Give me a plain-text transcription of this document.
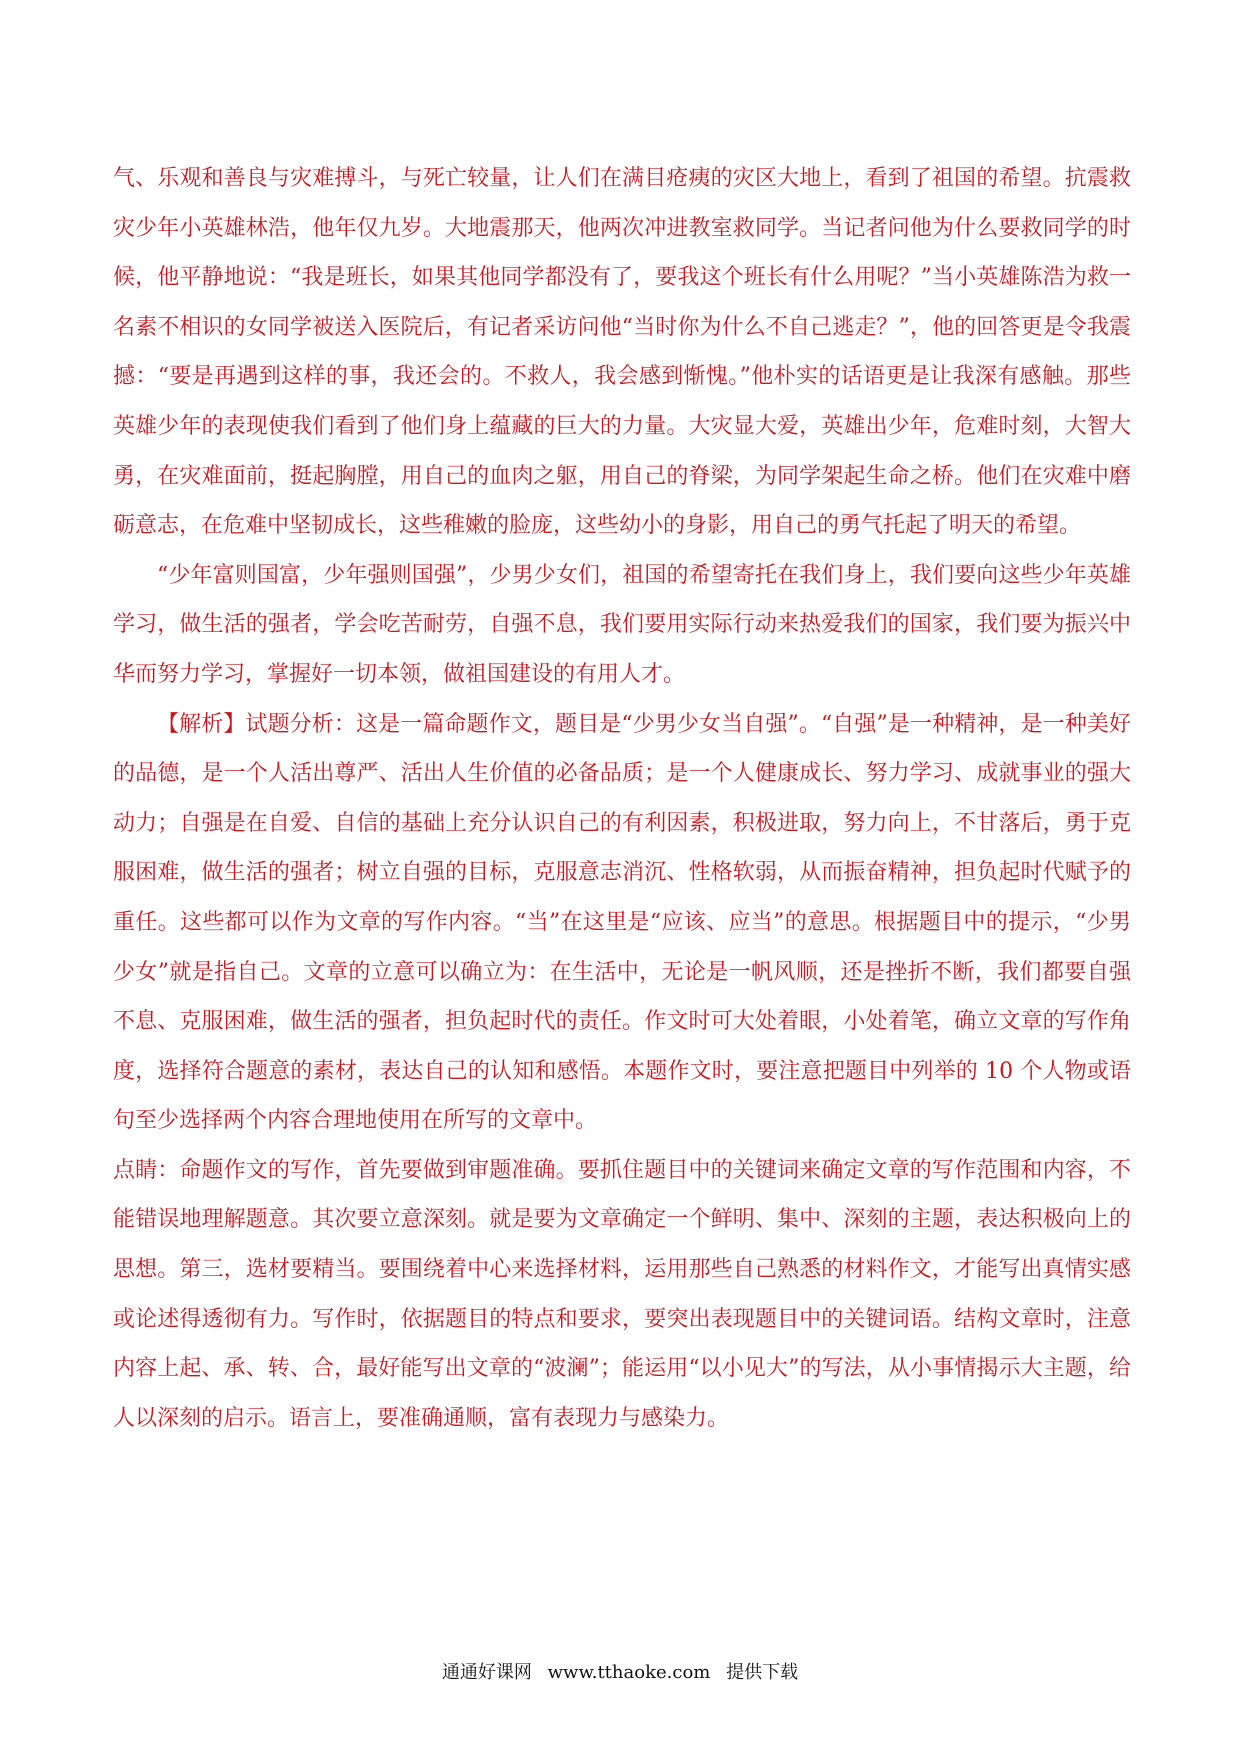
气、乐观和善良与灾难搏斗，与死亡较量，让人们在满目疮痍的灾区大地上，看到了祖国的希望。抗震救灾少年小英雄林浩，他年仅九岁。大地震那天，他两次冲进教室救同学。当记者问他为什么要救同学的时候，他平静地说：“我是班长，如果其他同学都没有了，要我这个班长有什么用呢？”当小英雄陈浩为救一名素不相识的女同学被送入医院后，有记者采访问他“当时你为什么不自己逃走？”，他的回答更是令我震撼：“要是再遇到这样的事，我还会的。不救人，我会感到惭愧。”他朴实的话语更是让我深有感触。那些英雄少年的表现使我们看到了他们身上蕴藏的巨大的力量。大灾显大爱，英雄出少年，危难时刻，大智大勇，在灾难面前，挺起胸膛，用自己的血肉之躯，用自己的脊梁，为同学架起生命之桥。他们在灾难中磨砺意志，在危难中坚韧成长，这些稚嫩的脸庞，这些幼小的身影，用自己的勇气托起了明天的希望。

“少年富则国富，少年强则国强”，少男少女们，祖国的希望寄托在我们身上，我们要向这些少年英雄学习，做生活的强者，学会吃苦耐劳，自强不息，我们要用实际行动来热爱我们的国家，我们要为振兴中华而努力学习，掌握好一切本领，做祖国建设的有用人才。

【解析】试题分析：这是一篇命题作文，题目是“少男少女当自强”。“自强”是一种精神，是一种美好的品德，是一个人活出尊严、活出人生价值的必备品质；是一个人健康成长、努力学习、成就事业的强大动力；自强是在自爱、自信的基础上充分认识自己的有利因素，积极进取，努力向上，不甘落后，勇于克服困难，做生活的强者；树立自强的目标，克服意志消沉、性格软弱，从而振奋精神，担负起时代赋予的重任。这些都可以作为文章的写作内容。“当”在这里是“应该、应当”的意思。根据题目中的提示，“少男少女”就是指自己。文章的立意可以确立为：在生活中，无论是一帆风顺，还是挫折不断，我们都要自强不息、克服困难，做生活的强者，担负起时代的责任。作文时可大处着眼，小处着笔，确立文章的写作角度，选择符合题意的素材，表达自己的认知和感悟。本题作文时，要注意把题目中列举的 10 个人物或语句至少选择两个内容合理地使用在所写的文章中。

点睛：命题作文的写作，首先要做到审题准确。要抓住题目中的关键词来确定文章的写作范围和内容，不能错误地理解题意。其次要立意深刻。就是要为文章确定一个鲜明、集中、深刻的主题，表达积极向上的思想。第三，选材要精当。要围绕着中心来选择材料，运用那些自己熟悉的材料作文，才能写出真情实感或论述得透彻有力。写作时，依据题目的特点和要求，要突出表现题目中的关键词语。结构文章时，注意内容上起、承、转、合，最好能写出文章的“波澜”；能运用“以小见大”的写法，从小事情揭示大主题，给人以深刻的启示。语言上，要准确通顺，富有表现力与感染力。

通通好课网 www.tthaoke.com 提供下载
